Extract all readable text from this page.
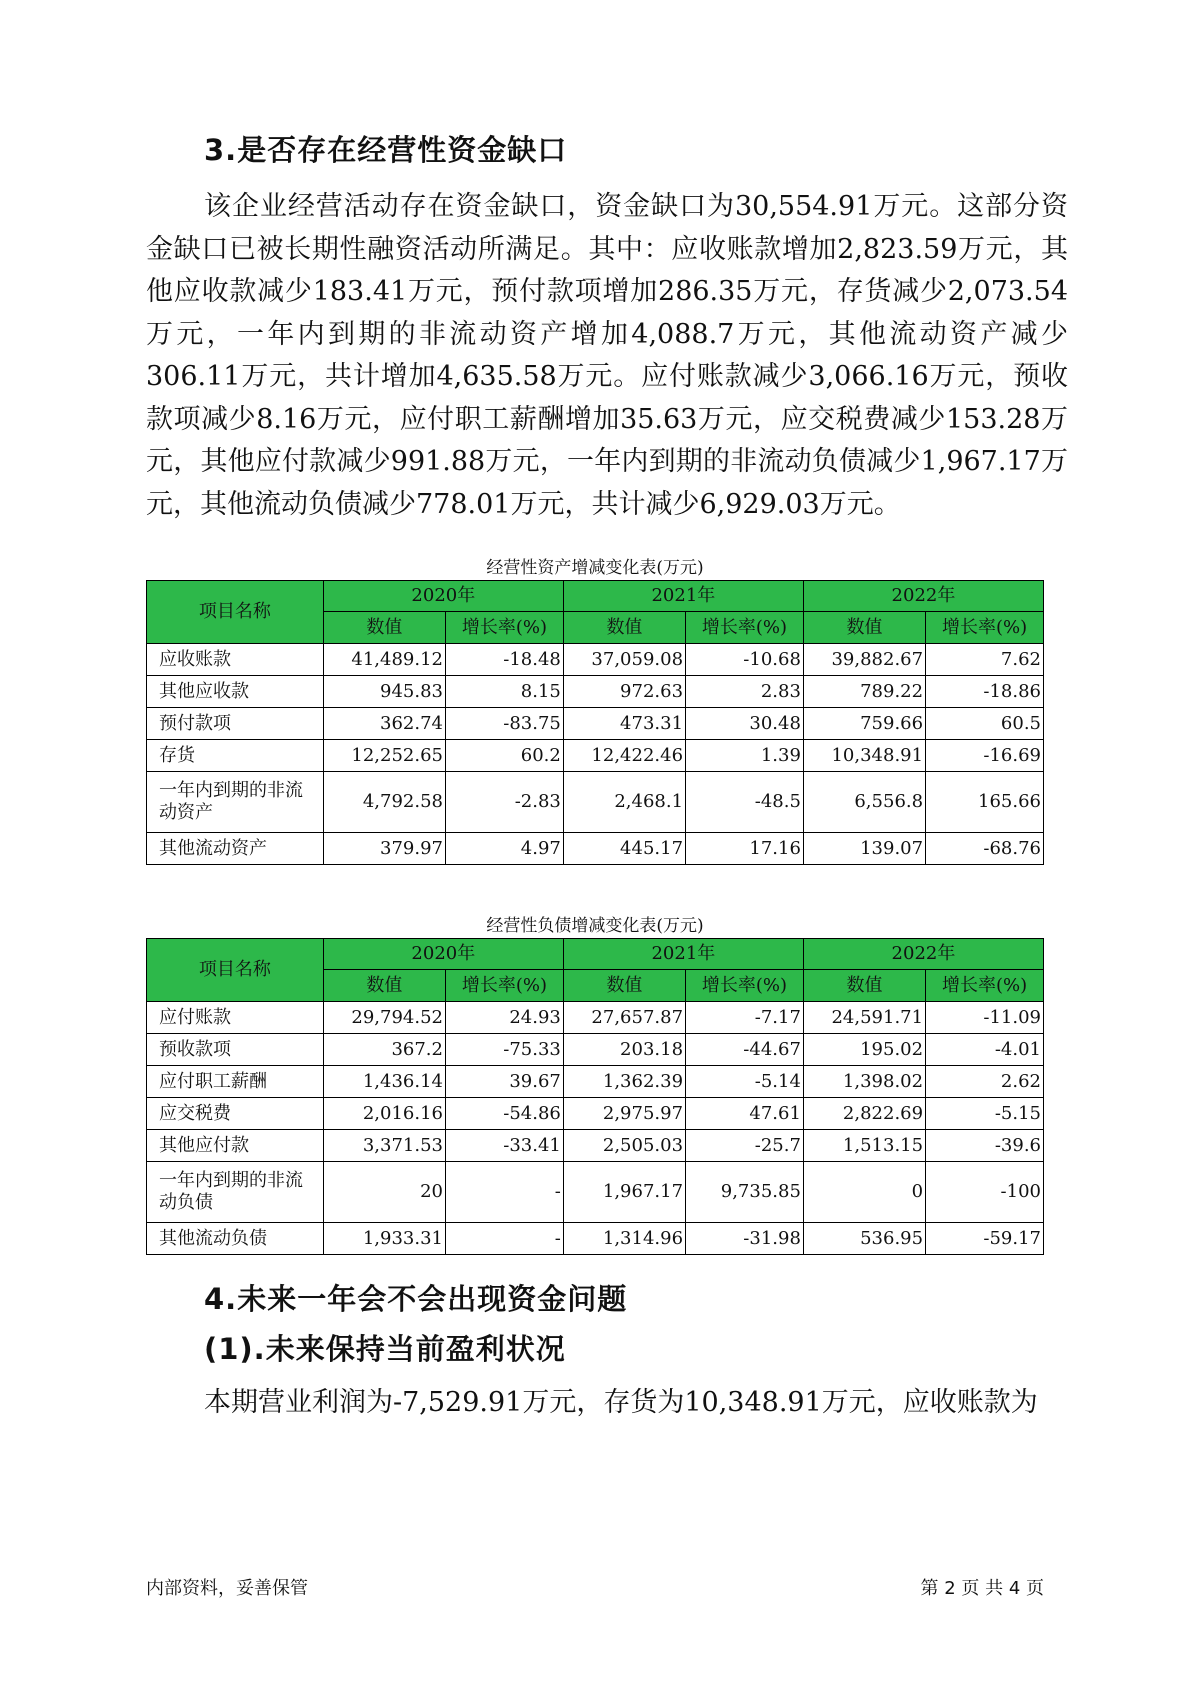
3.是否存在经营性资金缺口

该企业经营活动存在资金缺口，资金缺口为30,554.91万元。这部分资金缺口已被长期性融资活动所满足。其中：应收账款增加2,823.59万元，其他应收款减少183.41万元，预付款项增加286.35万元，存货减少2,073.54万元，一年内到期的非流动资产增加4,088.7万元，其他流动资产减少306.11万元，共计增加4,635.58万元。应付账款减少3,066.16万元，预收款项减少8.16万元，应付职工薪酬增加35.63万元，应交税费减少153.28万元，其他应付款减少991.88万元，一年内到期的非流动负债减少1,967.17万元，其他流动负债减少778.01万元，共计减少6,929.03万元。

经营性资产增减变化表(万元)
项目名称	2020年		2021年		2022年	
	数值	增长率(%)	数值	增长率(%)	数值	增长率(%)
应收账款	41,489.12	-18.48	37,059.08	-10.68	39,882.67	7.62
其他应收款	945.83	8.15	972.63	2.83	789.22	-18.86
预付款项	362.74	-83.75	473.31	30.48	759.66	60.5
存货	12,252.65	60.2	12,422.46	1.39	10,348.91	-16.69
一年内到期的非流动资产	4,792.58	-2.83	2,468.1	-48.5	6,556.8	165.66
其他流动资产	379.97	4.97	445.17	17.16	139.07	-68.76
经营性负债增减变化表(万元)
项目名称	2020年		2021年		2022年	
	数值	增长率(%)	数值	增长率(%)	数值	增长率(%)
应付账款	29,794.52	24.93	27,657.87	-7.17	24,591.71	-11.09
预收款项	367.2	-75.33	203.18	-44.67	195.02	-4.01
应付职工薪酬	1,436.14	39.67	1,362.39	-5.14	1,398.02	2.62
应交税费	2,016.16	-54.86	2,975.97	47.61	2,822.69	-5.15
其他应付款	3,371.53	-33.41	2,505.03	-25.7	1,513.15	-39.6
一年内到期的非流动负债	20	-	1,967.17	9,735.85	0	-100
其他流动负债	1,933.31	-	1,314.96	-31.98	536.95	-59.17
4.未来一年会不会出现资金问题
(1).未来保持当前盈利状况

本期营业利润为-7,529.91万元，存货为10,348.91万元，应收账款为

内部资料，妥善保管	第 2 页 共 4 页
